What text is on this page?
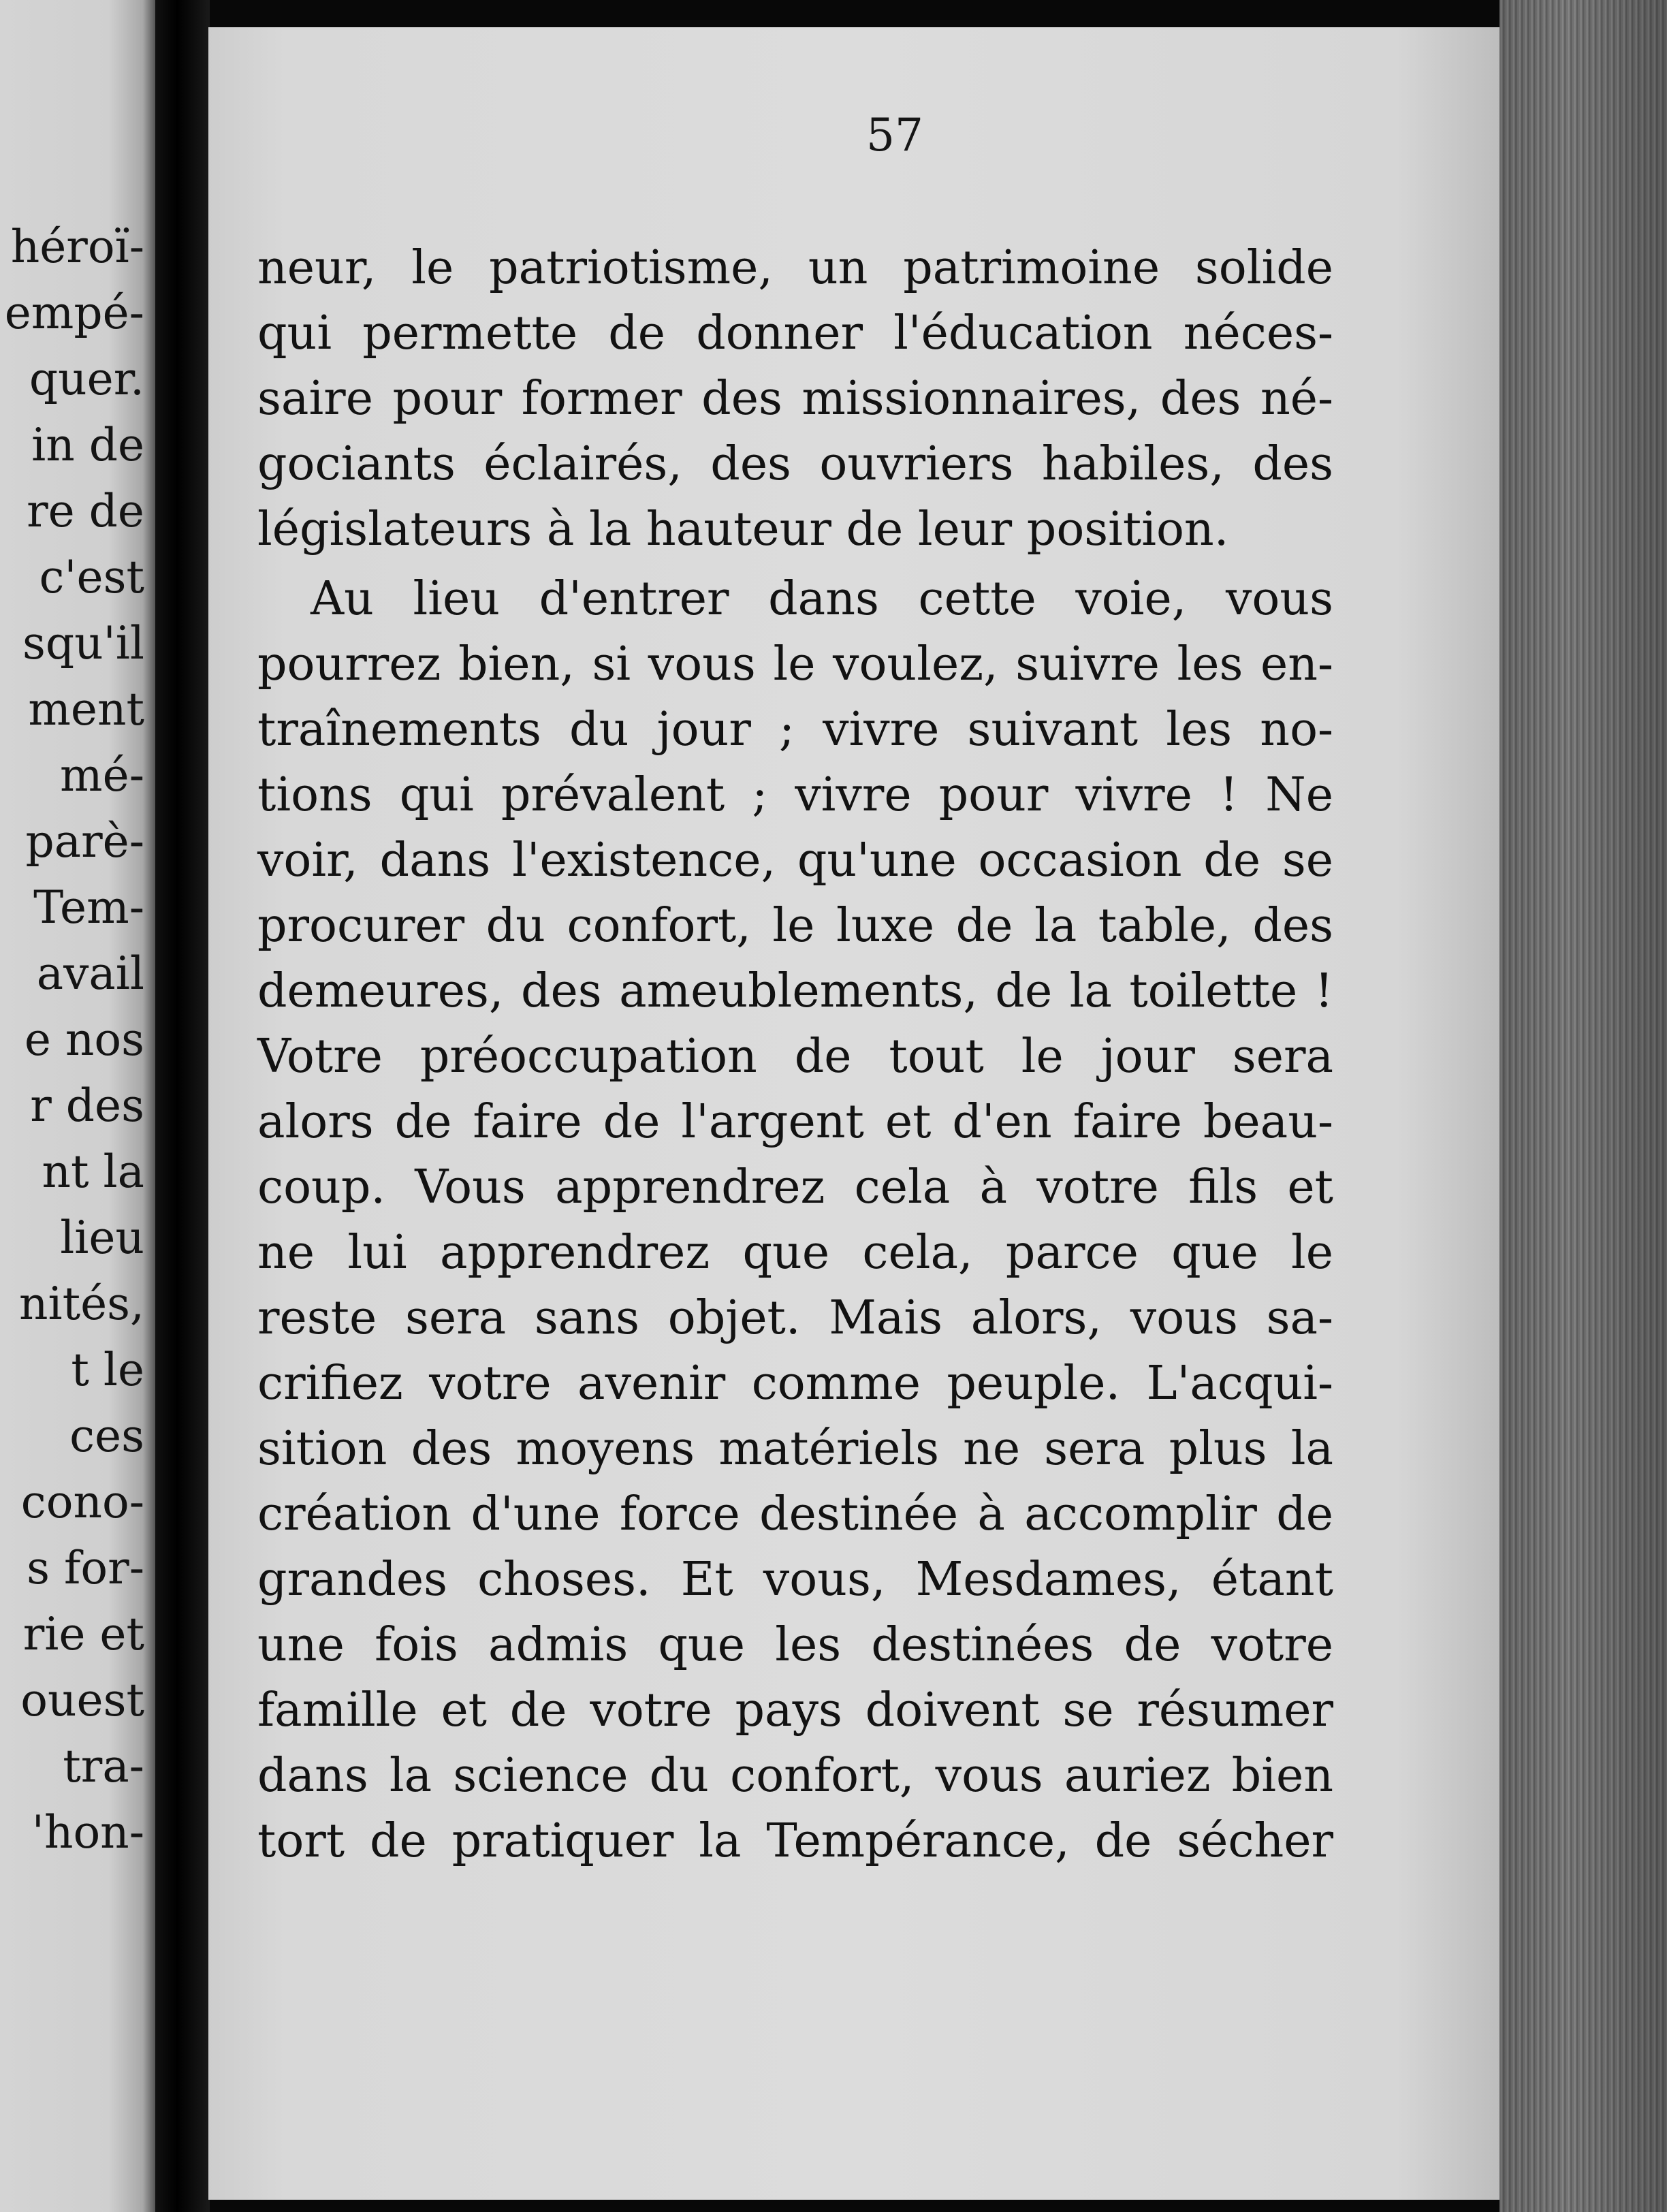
héroï-
empé-
quer.
in de
re de
c'est
squ'il
ment
mé-
parè-
Tem-
avail
e nos
r des
nt la
lieu
nités,
t le
ces
cono-
s for-
rie et
ouest
tra-
'hon-
57
neur, le patriotisme, un patrimoine solide
qui permette de donner l'éducation néces-
saire pour former des missionnaires, des né-
gociants éclairés, des ouvriers habiles, des
législateurs à la hauteur de leur position.
Au lieu d'entrer dans cette voie, vous
pourrez bien, si vous le voulez, suivre les en-
traînements du jour ; vivre suivant les no-
tions qui prévalent ; vivre pour vivre ! Ne
voir, dans l'existence, qu'une occasion de se
procurer du confort, le luxe de la table, des
demeures, des ameublements, de la toilette !
Votre préoccupation de tout le jour sera
alors de faire de l'argent et d'en faire beau-
coup. Vous apprendrez cela à votre fils et
ne lui apprendrez que cela, parce que le
reste sera sans objet. Mais alors, vous sa-
crifiez votre avenir comme peuple. L'acqui-
sition des moyens matériels ne sera plus la
création d'une force destinée à accomplir de
grandes choses. Et vous, Mesdames, étant
une fois admis que les destinées de votre
famille et de votre pays doivent se résumer
dans la science du confort, vous auriez bien
tort de pratiquer la Tempérance, de sécher
